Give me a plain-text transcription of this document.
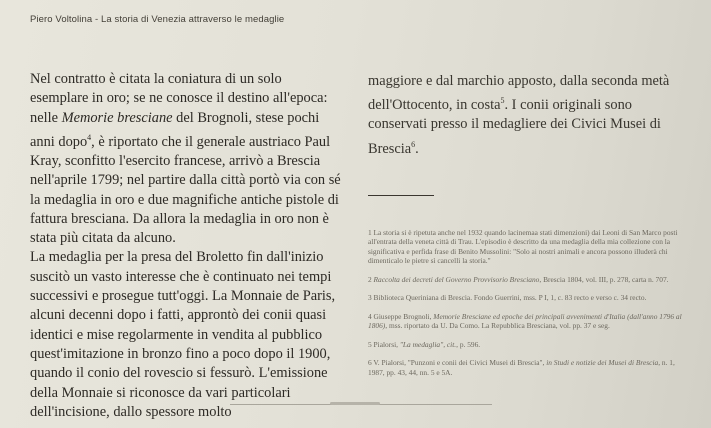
Piero Voltolina - La storia di Venezia attraverso le medaglie

Nel contratto è citata la coniatura di un solo esemplare in oro; se ne conosce il destino all'epoca: nelle Memorie bresciane del Brognoli, stese pochi anni dopo$^4$, è riportato che il generale austriaco Paul Kray, sconfitto l'esercito francese, arrivò a Brescia nell'aprile 1799; nel partire dalla città portò via con sé la medaglia in oro e due magnifiche antiche pistole di fattura bresciana. Da allora la medaglia in oro non è stata più citata da alcuno.

La medaglia per la presa del Broletto fin dall'inizio suscitò un vasto interesse che è continuato nei tempi successivi e prosegue tutt'oggi. La Monnaie de Paris, alcuni decenni dopo i fatti, approntò dei conii quasi identici e mise regolarmente in vendita al pubblico quest'imitazione in bronzo fino a poco dopo il 1900, quando il conio del rovescio si fessurò. L'emissione della Monnaie si riconosce da vari particolari dell'incisione, dallo spessore molto

maggiore e dal marchio apposto, dalla seconda metà dell'Ottocento, in costa$^5$. I conii originali sono conservati presso il medagliere dei Civici Musei di Brescia$^6$.

1 La storia si è ripetuta anche nel 1932 quando lacinemaa stati dimenzioni) dai Leoni di San Marco posti all'entrata della veneta città di Trau. L'episodio è descritto da una medaglia della mia collezione con la significativa e perfida frase di Benito Mussolini: "Solo ai nostri animali e ancora possono illuderà chi dimenticalo le pietre sì cancelli la storia."

2 Raccolta dei decreti del Governo Provvisorio Bresciano, Brescia 1804, vol. III, p. 278, carta n. 707.

3 Biblioteca Queriniana di Brescia. Fondo Guerrini, mss. P I, 1, c. 83 recto e verso c. 34 recto.

4 Giuseppe Brognoli, Memorie Bresciane ed epoche dei principali avvenimenti d'Italia (dall'anno 1796 al 1806), mss. riportato da U. Da Como. La Repubblica Bresciana, vol. pp. 37 e seg.

5 Pialorsi, "La medaglia", cit., p. 596.

6 V. Pialorsi, "Punzoni e conii dei Civici Musei di Brescia", in Studi e notizie dei Musei di Brescia, n. 1, 1987, pp. 43, 44, nn. 5 e 5A.
